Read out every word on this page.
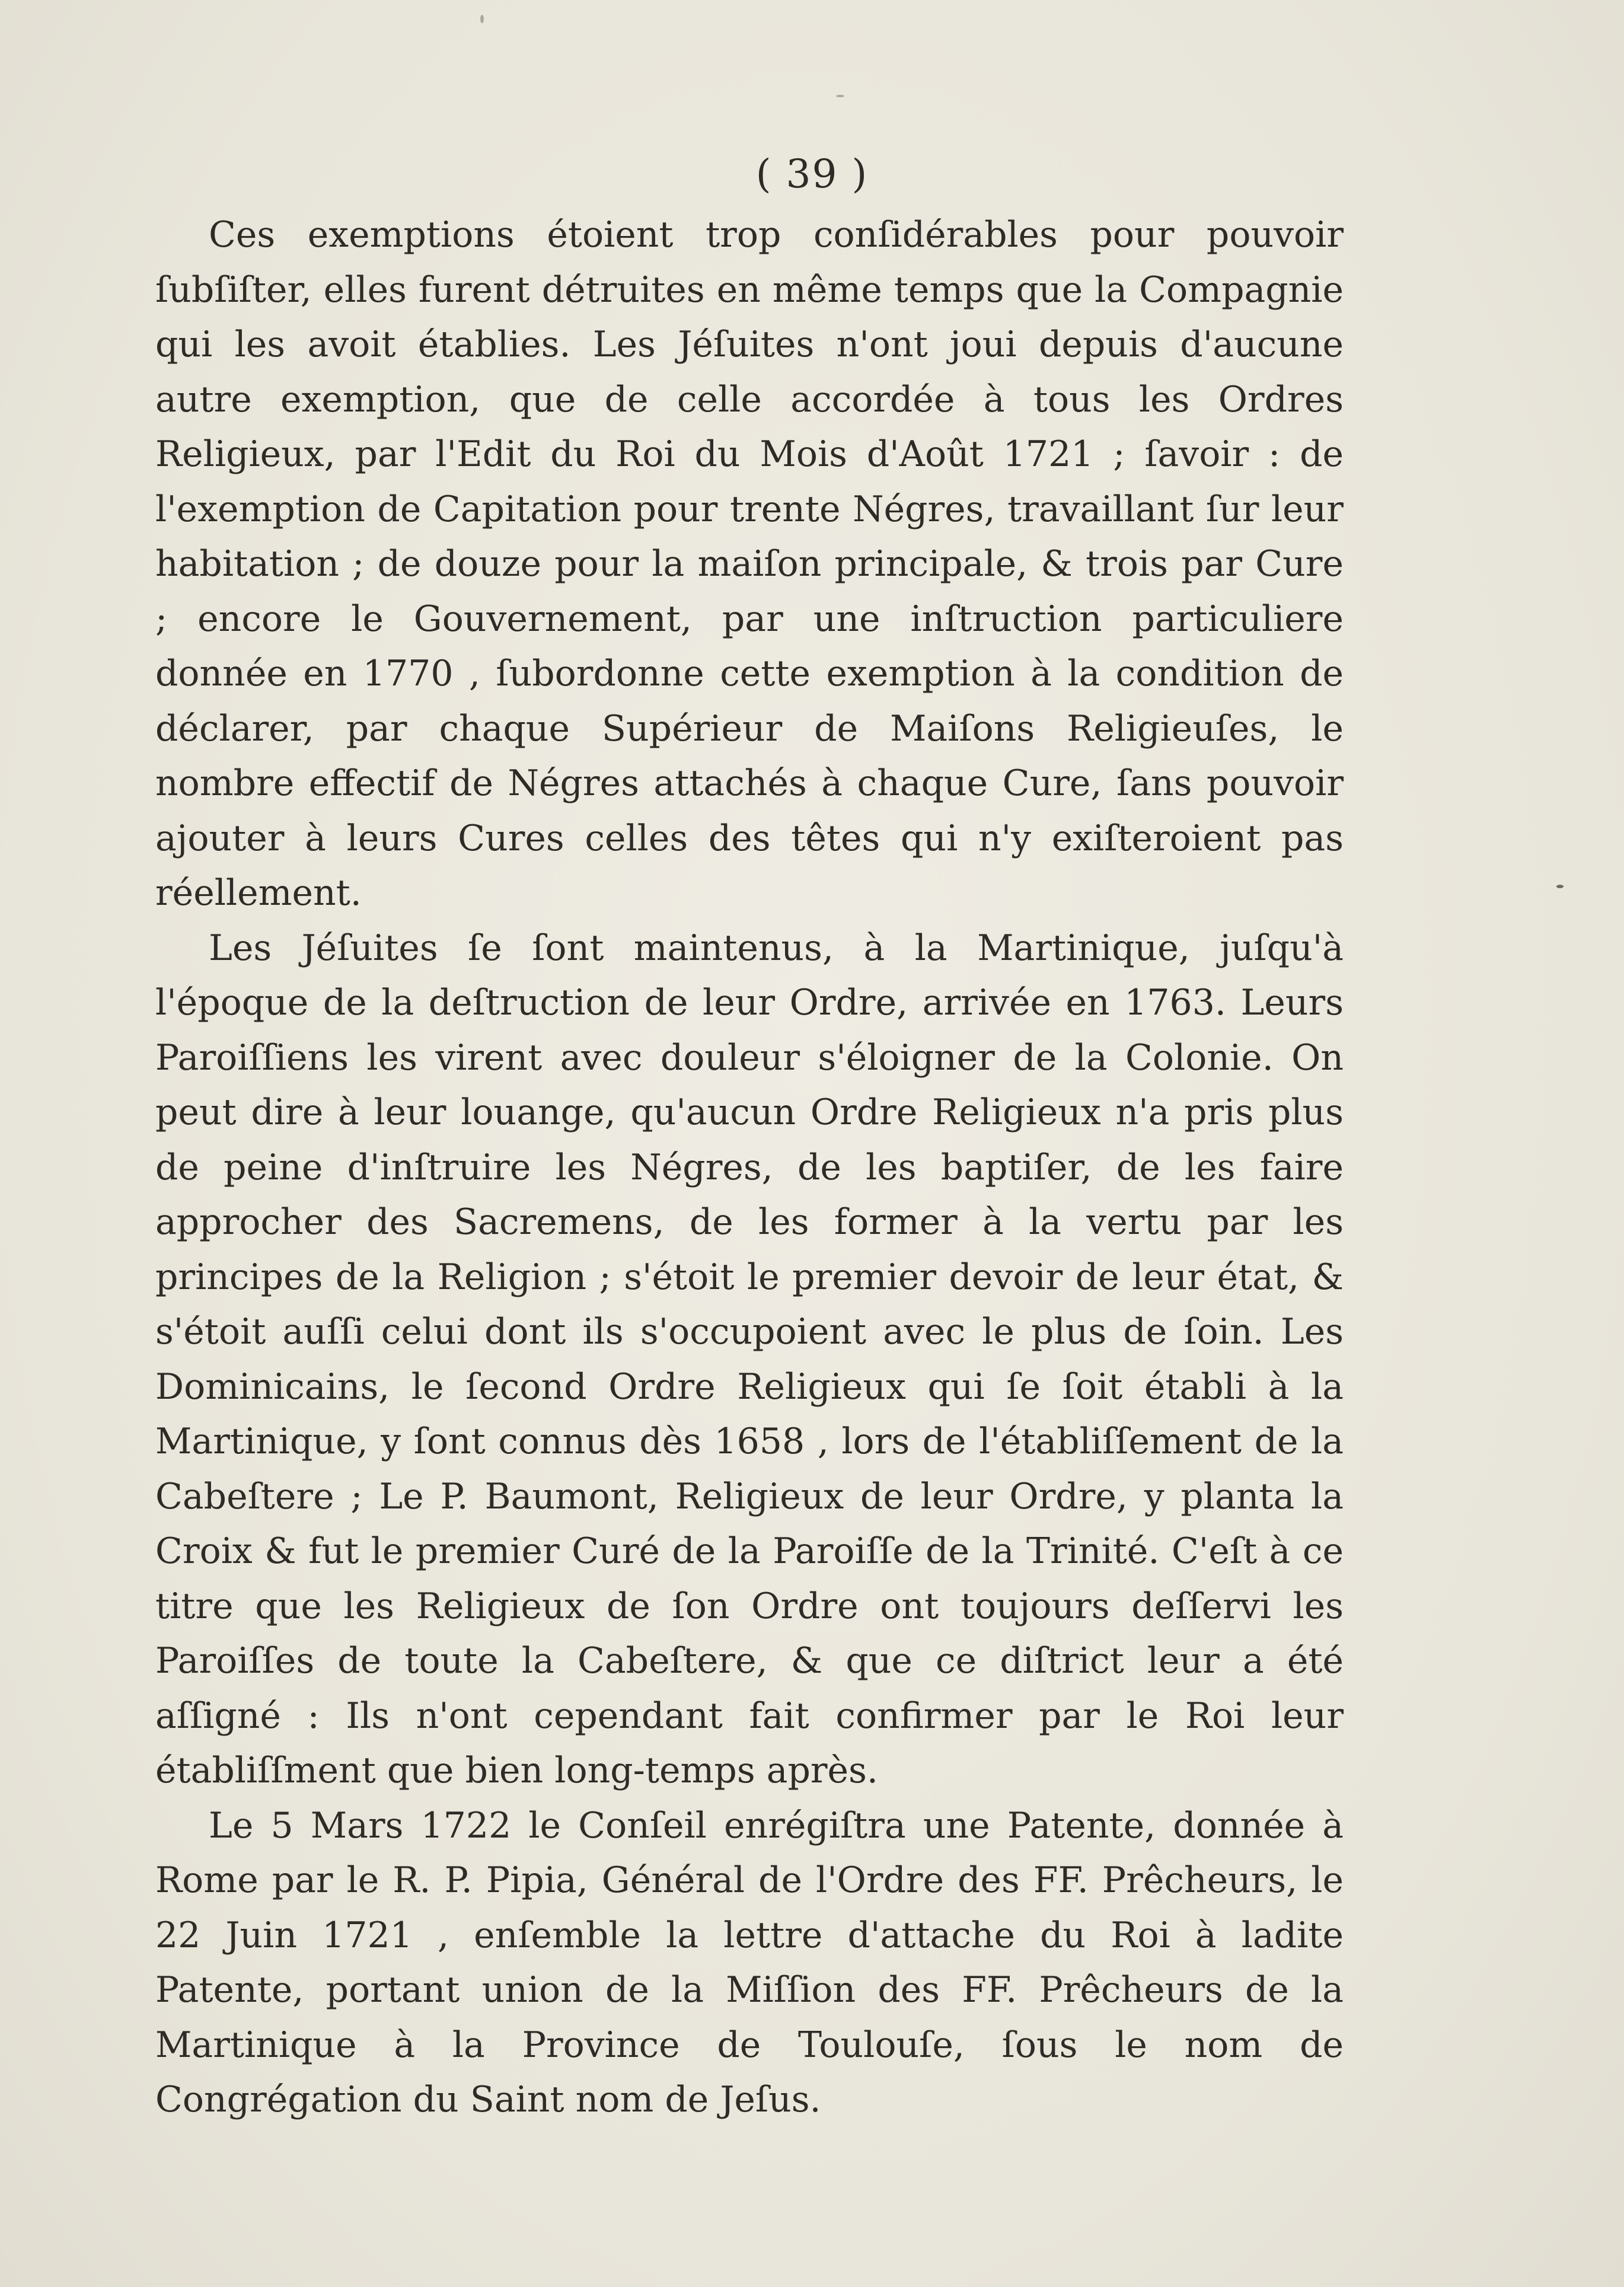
( 39 )

Ces exemptions étoient trop conſidérables pour pouvoir ſubſiſter, elles furent détruites en même temps que la Compagnie qui les avoit établies. Les Jéſuites n'ont joui depuis d'aucune autre exemption, que de celle accordée à tous les Ordres Religieux, par l'Edit du Roi du Mois d'Août 1721 ; ſavoir : de l'exemption de Capitation pour trente Négres, travaillant ſur leur habitation ; de douze pour la maiſon principale, & trois par Cure ; encore le Gouvernement, par une inſtruction particuliere donnée en 1770 , ſubordonne cette exemption à la condition de déclarer, par chaque Supérieur de Maiſons Religieuſes, le nombre effectif de Négres attachés à chaque Cure, ſans pouvoir ajouter à leurs Cures celles des têtes qui n'y exiſteroient pas réellement.

Les Jéſuites ſe ſont maintenus, à la Martinique, juſqu'à l'époque de la deſtruction de leur Ordre, arrivée en 1763. Leurs Paroiſſiens les virent avec douleur s'éloigner de la Colonie. On peut dire à leur louange, qu'aucun Ordre Religieux n'a pris plus de peine d'inſtruire les Négres, de les baptiſer, de les faire approcher des Sacremens, de les former à la vertu par les principes de la Religion ; s'étoit le premier devoir de leur état, & s'étoit auſſi celui dont ils s'occupoient avec le plus de ſoin. Les Dominicains, le ſecond Ordre Religieux qui ſe ſoit établi à la Martinique, y ſont connus dès 1658 , lors de l'établiſſement de la Cabeſtere ; Le P. Baumont, Religieux de leur Ordre, y planta la Croix & fut le premier Curé de la Paroiſſe de la Trinité. C'eſt à ce titre que les Religieux de ſon Ordre ont toujours deſſervi les Paroiſſes de toute la Cabeſtere, & que ce diſtrict leur a été aſſigné : Ils n'ont cependant fait confirmer par le Roi leur établiſſment que bien long-temps après.

Le 5 Mars 1722 le Conſeil enrégiſtra une Patente, donnée à Rome par le R. P. Pipia, Général de l'Ordre des FF. Prêcheurs, le 22 Juin 1721 , enſemble la lettre d'attache du Roi à ladite Patente, portant union de la Miſſion des FF. Prêcheurs de la Martinique à la Province de Toulouſe, ſous le nom de Congrégation du Saint nom de Jeſus.
